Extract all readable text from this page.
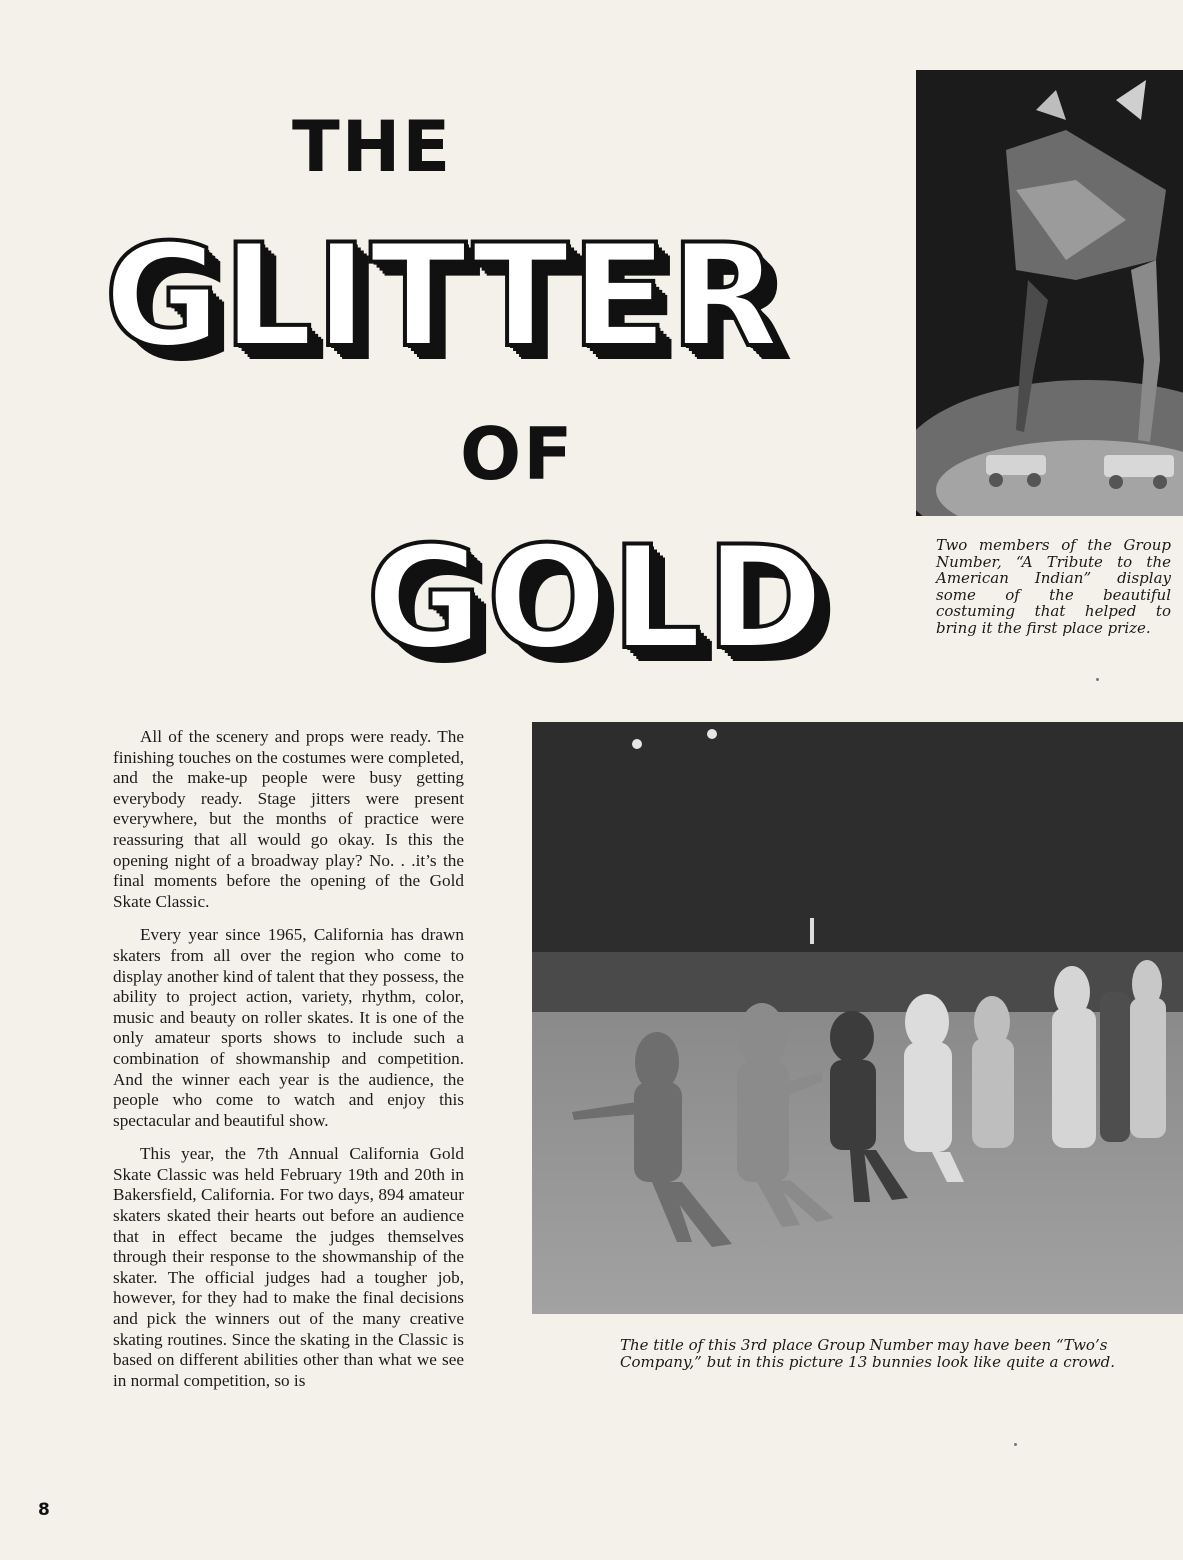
THE
GLITTER
OF
GOLD	Two members of the Group Number, “A Tribute to the American Indian” display some of the beautiful costuming that helped to bring it the first place prize.

The title of this 3rd place Group Number may have been “Two’s Company,” but in this picture 13 bunnies look like quite a crowd.

All of the scenery and props were ready. The finishing touches on the costumes were completed, and the make-up people were busy getting everybody ready. Stage jitters were present everywhere, but the months of practice were reassuring that all would go okay. Is this the opening night of a broadway play? No. . .it’s the final moments before the opening of the Gold Skate Classic.

Every year since 1965, California has drawn skaters from all over the region who come to display another kind of talent that they possess, the ability to project action, variety, rhythm, color, music and beauty on roller skates. It is one of the only amateur sports shows to include such a combination of showmanship and competition. And the winner each year is the audience, the people who come to watch and enjoy this spectacular and beautiful show.

This year, the 7th Annual California Gold Skate Classic was held February 19th and 20th in Bakersfield, California. For two days, 894 amateur skaters skated their hearts out before an audience that in effect became the judges themselves through their response to the showmanship of the skater. The official judges had a tougher job, however, for they had to make the final decisions and pick the winners out of the many creative skating routines. Since the skating in the Classic is based on different abilities other than what we see in normal competition, so is

8
